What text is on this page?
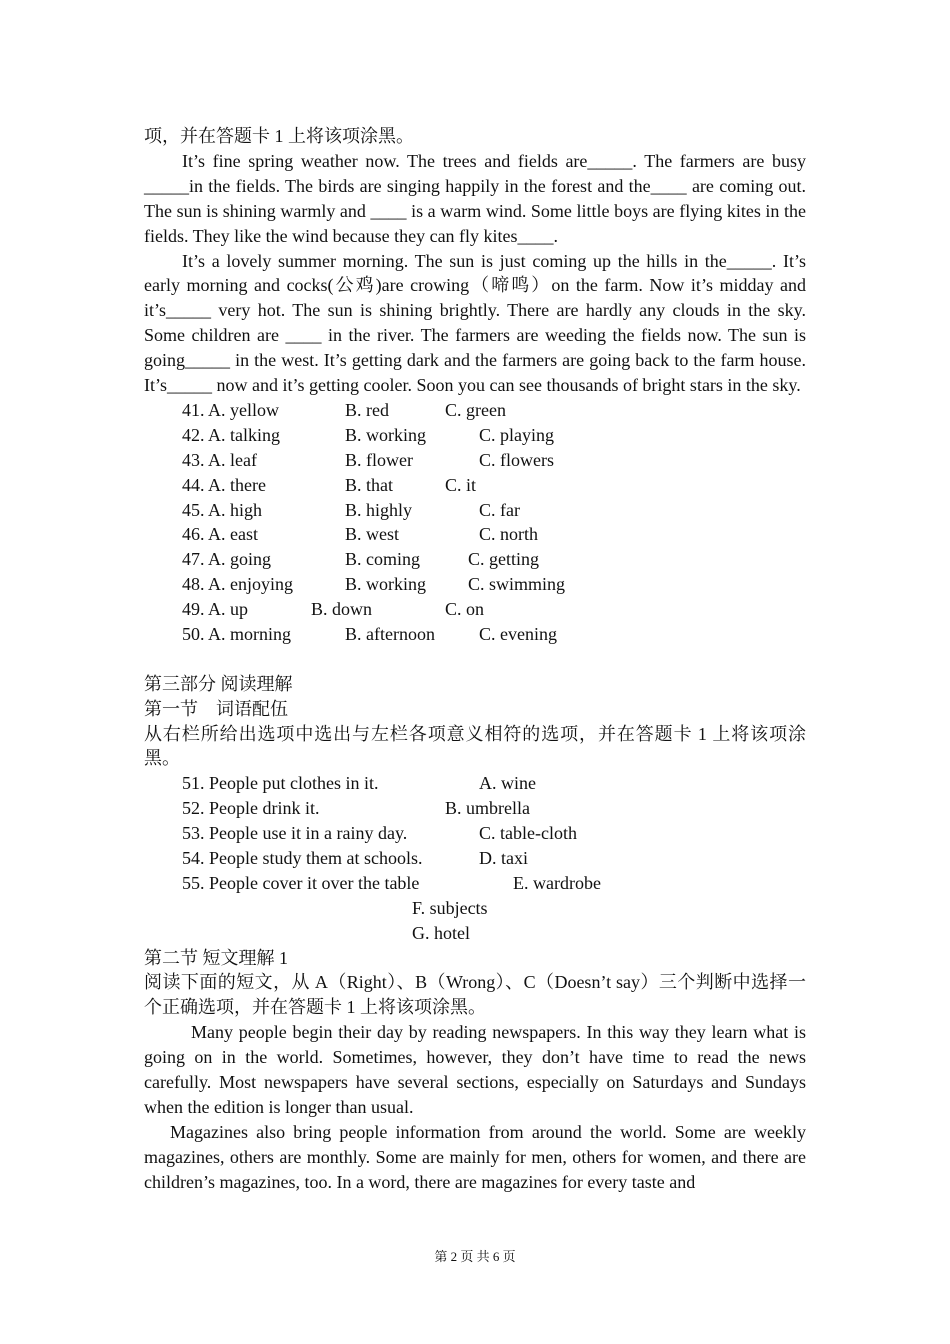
项，并在答题卡 1 上将该项涂黑。
It’s fine spring weather now. The trees and fields are_____. The farmers are busy _____in the fields. The birds are singing happily in the forest and the____ are coming out. The sun is shining warmly and ____ is a warm wind. Some little boys are flying kites in the fields. They like the wind because they can fly kites____.
It’s a lovely summer morning. The sun is just coming up the hills in the_____. It’s early morning and cocks(公鸡)are crowing（啼鸣）on the farm. Now it’s midday and it’s_____ very hot. The sun is shining brightly. There are hardly any clouds in the sky. Some children are ____ in the river. The farmers are weeding the fields now. The sun is going_____ in the west. It’s getting dark and the farmers are going back to the farm house. It’s_____ now and it’s getting cooler. Soon you can see thousands of bright stars in the sky.
41. A. yellow	B. red	C. green
42. A. talking	B. working	C. playing
43. A. leaf	B. flower	C. flowers
44. A. there	B. that	C. it
45. A. high	B. highly	C. far
46. A. east	B. west	C. north
47. A. going	B. coming	C. getting
48. A. enjoying	B. working C. swimming
49. A. up	B. down	C. on
50. A. morning	B. afternoon C. evening
第三部分 阅读理解
第一节　词语配伍
从右栏所给出选项中选出与左栏各项意义相符的选项，并在答题卡 1 上将该项涂黑。
51. People put clothes in it.	A. wine
52. People drink it.	B. umbrella
53. People use it in a rainy day.	C. table-cloth
54. People study them at schools.	D. taxi
55. People cover it over the table	E. wardrobe
F. subjects
G. hotel
第二节 短文理解 1
阅读下面的短文，从 A（Right）、B（Wrong）、C（Doesn’t say）三个判断中选择一个正确选项，并在答题卡 1 上将该项涂黑。
Many people begin their day by reading newspapers. In this way they learn what is going on in the world. Sometimes, however, they don’t have time to read the news carefully. Most newspapers have several sections, especially on Saturdays and Sundays when the edition is longer than usual.
Magazines also bring people information from around the world. Some are weekly magazines, others are monthly. Some are mainly for men, others for women, and there are children’s magazines, too. In a word, there are magazines for every taste and
第 2 页 共 6 页
